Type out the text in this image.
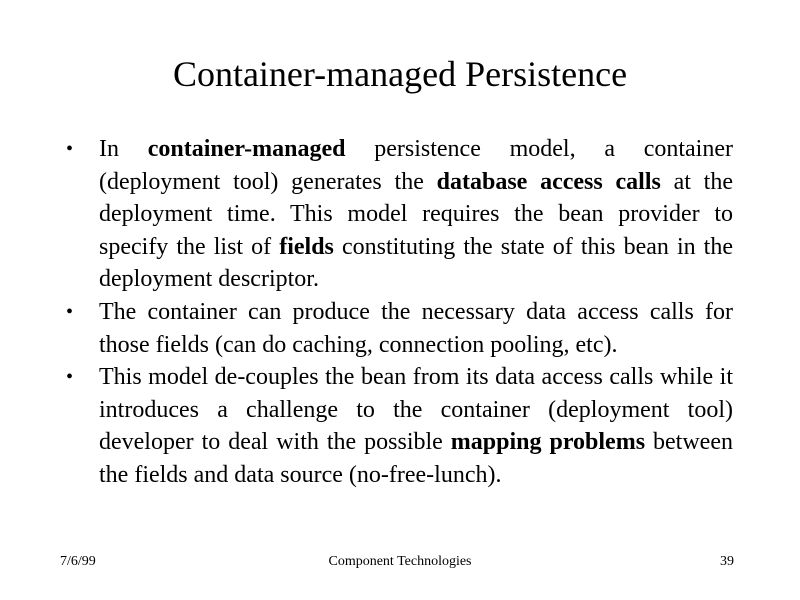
Container-managed Persistence
•	In container-managed persistence model, a container (deployment tool) generates the database access calls at the deployment time. This model requires the bean provider to specify the list of fields constituting the state of this bean in the deployment descriptor.
•	The container can produce the necessary data access calls for those fields (can do caching, connection pooling, etc).
•	This model de-couples the bean from its data access calls while it introduces a challenge to the container (deployment tool) developer to deal with the possible mapping problems between the fields and data source (no-free-lunch).
7/6/99	Component Technologies	39
